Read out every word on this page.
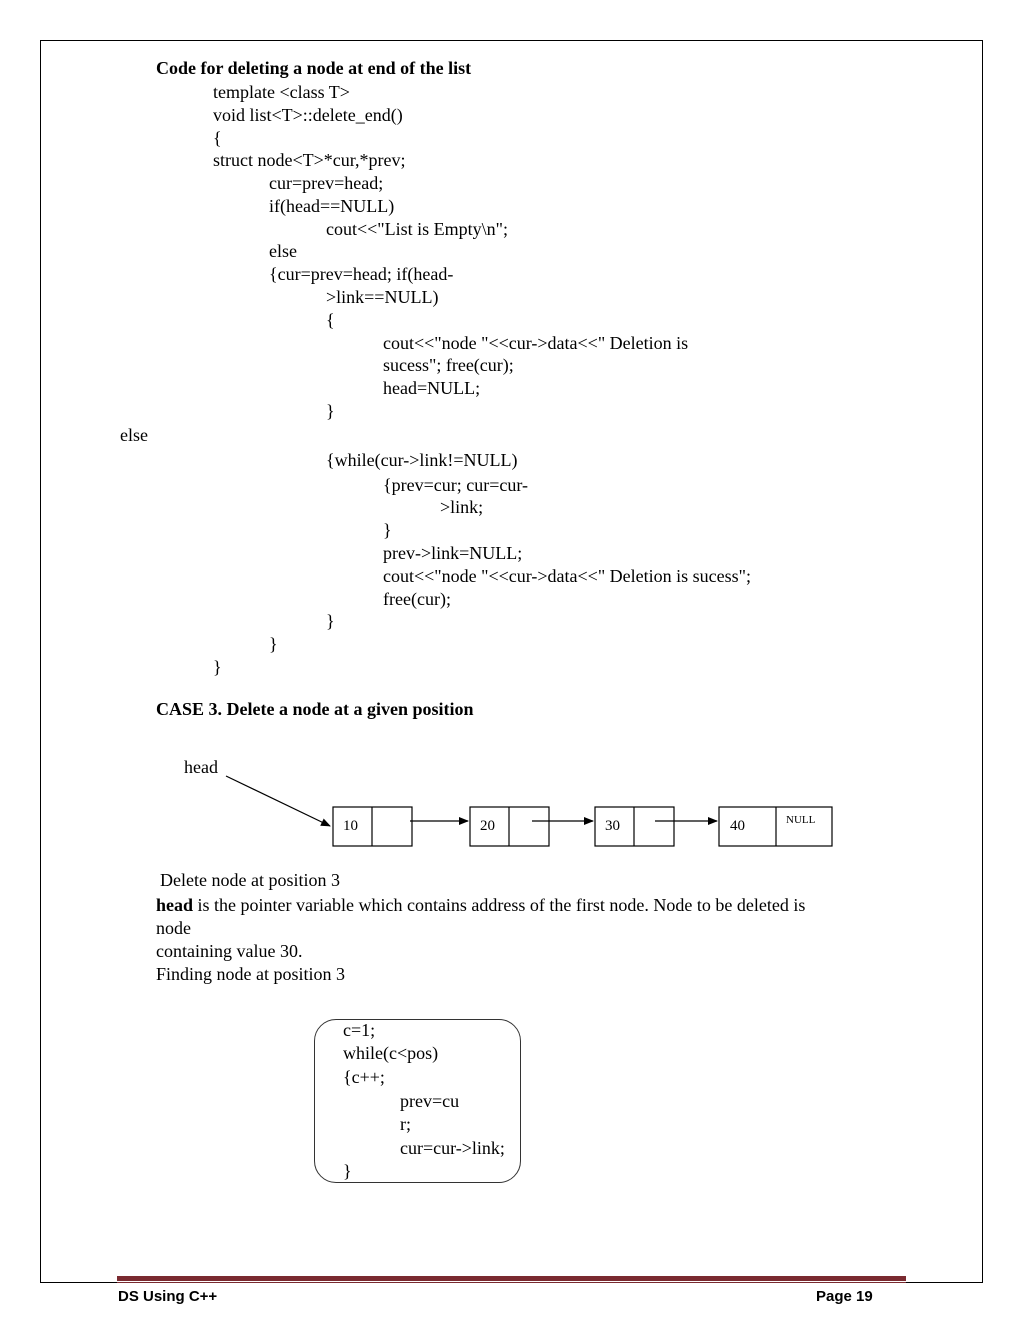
Code for deleting a node at end of the list
template <class T>
void list<T>::delete_end()
{
struct node<T>*cur,*prev;
cur=prev=head;
if(head==NULL)
cout<<"List is Empty\n";
else
{cur=prev=head; if(head-
>link==NULL)
{
cout<<"node "<<cur->data<<" Deletion is
sucess"; free(cur);
head=NULL;
}
else
{while(cur->link!=NULL)
{prev=cur; cur=cur-
>link;
}
prev->link=NULL;
cout<<"node "<<cur->data<<" Deletion is sucess";
free(cur);
}
}
}
CASE 3. Delete a node at a given position
head
10	20	30	40	NULL
Delete node at position 3
head is the pointer variable which contains address of the first node. Node to be deleted is
node
containing value 30.
Finding node at position 3
c=1;
while(c<pos)
{c++;
prev=cu
r;
cur=cur->link;
}
DS Using C++	Page 19
